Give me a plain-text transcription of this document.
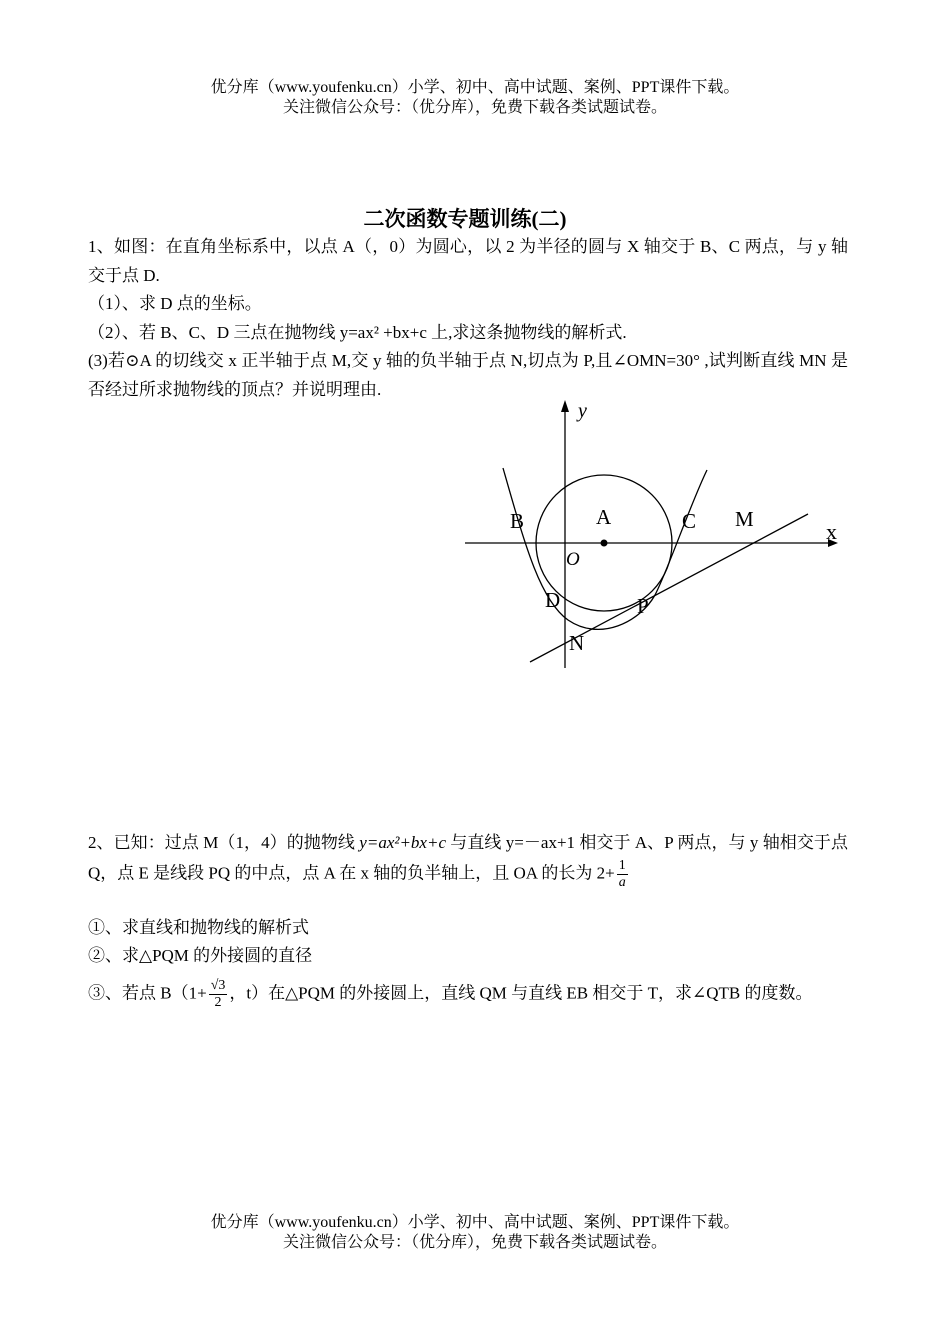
优分库（www.youfenku.cn）小学、初中、高中试题、案例、PPT课件下载。
关注微信公众号：（优分库），免费下载各类试题试卷。
二次函数专题训练(二)
1、如图：在直角坐标系中，以点 A（，0）为圆心，以 2 为半径的圆与 X 轴交于 B、C 两点，与 y 轴交于点 D.
（1）、求 D 点的坐标。
（2）、若 B、C、D 三点在抛物线 y=ax² +bx+c 上,求这条抛物线的解析式.
(3)若⊙A 的切线交 x 正半轴于点 M,交 y 轴的负半轴于点 N,切点为 P,且∠OMN=30° ,试判断直线 MN 是否经过所求抛物线的顶点？并说明理由.
y
x
A
B	C M
O
D	P
N
2、已知：过点 M（1，4）的抛物线 y=ax²+bx+c 与直线 y=－ax+1 相交于 A、P 两点，与 y 轴相交于点 Q，点 E 是线段 PQ 的中点，点 A 在 x 轴的负半轴上，且 OA 的长为 $2+ \frac{1}{a}$
①、求直线和抛物线的解析式
②、求△PQM 的外接圆的直径
③、若点 $B(1+ \frac{√3}{2}$ ，t）在△PQM 的外接圆上，直线 QM 与直线 EB 相交于 T，求∠QTB 的度数。
优分库（www.youfenku.cn）小学、初中、高中试题、案例、PPT课件下载。
关注微信公众号：（优分库），免费下载各类试题试卷。
